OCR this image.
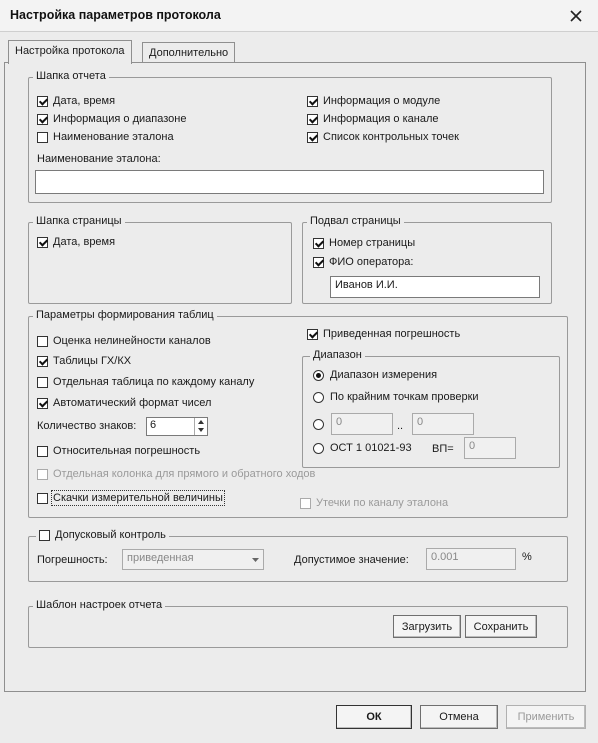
Настройка параметров протокола
Настройка протокола	Дополнительно
Шапка отчета
Дата, время
Информация о диапазоне
Наименование эталона
Информация о модуле
Информация о канале
Список контрольных точек
Наименование эталона:
Шапка страницы
Дата, время
Подвал страницы
Номер страницы
ФИО оператора:
Иванов И.И.
Параметры формирования таблиц
Оценка нелинейности каналов
Таблицы ГХ/КХ
Отдельная таблица по каждому каналу
Автоматический формат чисел
Количество знаков:	6
Относительная погрешность
Приведенная погрешность
Диапазон
Диапазон измерения
По крайним точкам проверки
0	..	0
ОСТ 1 01021-93 ВП=	0
Отдельная колонка для прямого и обратного ходов
Скачки измерительной величины	Утечки по каналу эталона
Допусковый контроль
Погрешность:	приведенная	Допустимое значение:	0.001	%
Шаблон настроек отчета
Загрузить	Сохранить
ОК	Отмена	Применить
